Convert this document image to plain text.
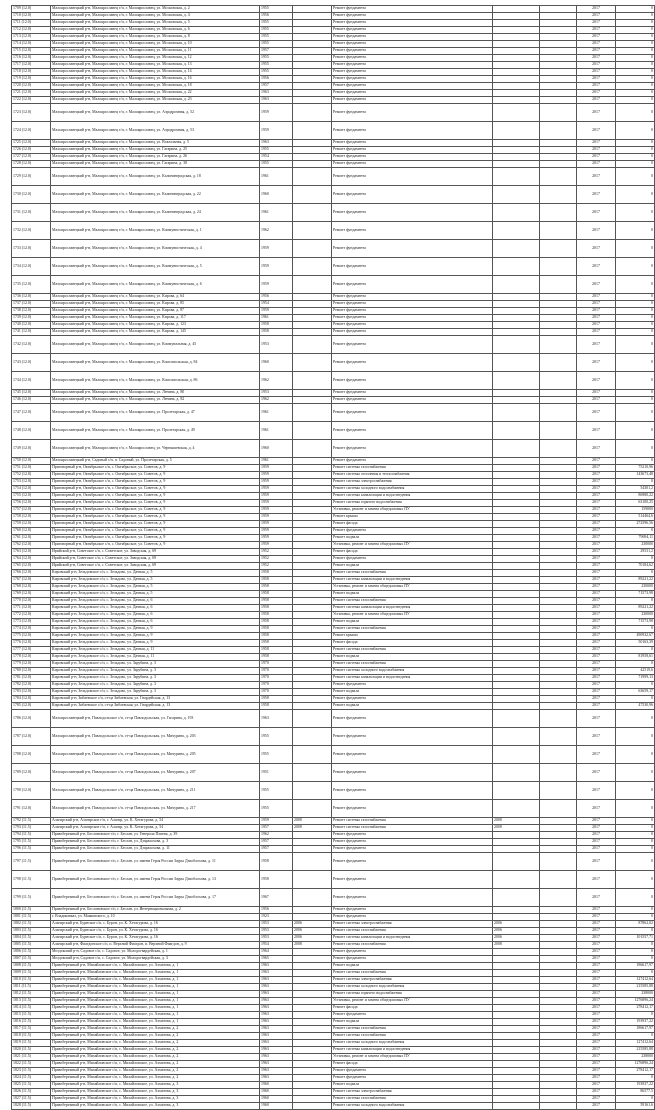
1709 (12.0)	Малоярославецкий р-н, Малоярославец г/п, г. Малоярославец, ул. Московская, д. 2	1955		Ремонт фундамента			2017	0
1710 (12.0)	Малоярославецкий р-н, Малоярославец г/п, г. Малоярославец, ул. Московская, д. 4	1956		Ремонт фундамента			2017	0
1711 (12.0)	Малоярославецкий р-н, Малоярославец г/п, г. Малоярославец, ул. Московская, д. 5	1955		Ремонт фундамента			2017	0
1712 (12.0)	Малоярославецкий р-н, Малоярославец г/п, г. Малоярославец, ул. Московская, д. 6	1955		Ремонт фундамента			2017	0
1713 (12.0)	Малоярославецкий р-н, Малоярославец г/п, г. Малоярославец, ул. Московская, д. 8	1955		Ремонт фундамента			2017	0
1714 (12.0)	Малоярославецкий р-н, Малоярославец г/п, г. Малоярославец, ул. Московская, д. 10	1955		Ремонт фундамента			2017	0
1715 (12.0)	Малоярославецкий р-н, Малоярославец г/п, г. Малоярославец, ул. Московская, д. 11	1957		Ремонт фундамента			2017	0
1716 (12.0)	Малоярославецкий р-н, Малоярославец г/п, г. Малоярославец, ул. Московская, д. 12	1955		Ремонт фундамента			2017	0
1717 (12.0)	Малоярославецкий р-н, Малоярославец г/п, г. Малоярославец, ул. Московская, д. 13	1955		Ремонт фундамента			2017	0
1718 (12.0)	Малоярославецкий р-н, Малоярославец г/п, г. Малоярославец, ул. Московская, д. 14	1955		Ремонт фундамента			2017	0
1719 (12.0)	Малоярославецкий р-н, Малоярославец г/п, г. Малоярославец, ул. Московская, д. 16	1956		Ремонт фундамента			2017	0
1720 (12.0)	Малоярославецкий р-н, Малоярославец г/п, г. Малоярославец, ул. Московская, д. 18	1957		Ремонт фундамента			2017	0
1721 (12.0)	Малоярославецкий р-н, Малоярославец г/п, г. Малоярославец, ул. Московская, д. 22	1963		Ремонт фундамента			2017	0
1722 (12.0)	Малоярославецкий р-н, Малоярославец г/п, г. Малоярославец, ул. Московская, д. 23	1963		Ремонт фундамента			2017	0
1723 (12.0)	Малоярославецкий р-н, Малоярославец г/п, г. Малоярославец, ул. Аэродромная, д. 52	1959		Ремонт фундамента			2017	0
1724 (12.0)	Малоярославецкий р-н, Малоярославец г/п, г. Малоярославец, ул. Аэродромная, д. 53	1959		Ремонт фундамента			2017	0
1725 (12.0)	Малоярославецкий р-н, Малоярославец г/п, г. Малоярославец, ул. Вокзальная, д. 5	1963		Ремонт фундамента			2017	0
1726 (12.0)	Малоярославецкий р-н, Малоярославец г/п, г. Малоярославец, ул. Гагарина, д. 25	1955		Ремонт фундамента			2017	0
1727 (12.0)	Малоярославецкий р-н, Малоярославец г/п, г. Малоярославец, ул. Гагарина, д. 26	1954		Ремонт фундамента			2017	0
1728 (12.0)	Малоярославецкий р-н, Малоярославец г/п, г. Малоярославец, ул. Гагарина, д. 38	1955		Ремонт фундамента			2017	0
1729 (12.0)	Малоярославецкий р-н, Малоярославец г/п, г. Малоярославец, ул. Калининградская, д. 18	1961		Ремонт фундамента			2017	0
1730 (12.0)	Малоярославецкий р-н, Малоярославец г/п, г. Малоярославец, ул. Калининградская, д. 22	1960		Ремонт фундамента			2017	0
1731 (12.0)	Малоярославецкий р-н, Малоярославец г/п, г. Малоярославец, ул. Калининградская, д. 24	1961		Ремонт фундамента			2017	0
1732 (12.0)	Малоярославецкий р-н, Малоярославец г/п, г. Малоярославец, ул. Коммунистическая, д. 1	1962		Ремонт фундамента			2017	0
1733 (12.0)	Малоярославецкий р-н, Малоярославец г/п, г. Малоярославец, ул. Коммунистическая, д. 4	1959		Ремонт фундамента			2017	0
1734 (12.0)	Малоярославецкий р-н, Малоярославец г/п, г. Малоярославец, ул. Коммунистическая, д. 5	1959		Ремонт фундамента			2017	0
1735 (12.0)	Малоярославецкий р-н, Малоярославец г/п, г. Малоярославец, ул. Коммунистическая, д. 6	1959		Ремонт фундамента			2017	0
1736 (12.0)	Малоярославецкий р-н, Малоярославец г/п, г. Малоярославец, ул. Кирова, д. 64	1956		Ремонт фундамента			2017	0
1737 (12.0)	Малоярославецкий р-н, Малоярославец г/п, г. Малоярославец, ул. Кирова, д. 85	1954		Ремонт фундамента			2017	0
1738 (12.0)	Малоярославецкий р-н, Малоярославец г/п, г. Малоярославец, ул. Кирова, д. 87	1959		Ремонт фундамента			2017	0
1739 (12.0)	Малоярославецкий р-н, Малоярославец г/п, г. Малоярославец, ул. Кирова, д. 117	1961		Ремонт фундамента			2017	0
1740 (12.0)	Малоярославецкий р-н, Малоярославец г/п, г. Малоярославец, ул. Кирова, д. 123	1958		Ремонт фундамента			2017	0
1741 (12.0)	Малоярославецкий р-н, Малоярославец г/п, г. Малоярославец, ул. Кирова, д. 145	1958		Ремонт фундамента			2017	0
1742 (12.0)	Малоярославецкий р-н, Малоярославец г/п, г. Малоярославец, ул. Коммунальная, д. 45	1953		Ремонт фундамента			2017	0
1743 (12.0)	Малоярославецкий р-н, Малоярославец г/п, г. Малоярославец, ул. Комсомольская, д. 84	1960		Ремонт фундамента			2017	0
1744 (12.0)	Малоярославецкий р-н, Малоярославец г/п, г. Малоярославец, ул. Комсомольская, д. 86	1962		Ремонт фундамента			2017	0
1745 (12.0)	Малоярославецкий р-н, Малоярославец г/п, г. Малоярославец, ул. Ленина, д. 80	1953		Ремонт фундамента			2017	0
1746 (12.0)	Малоярославецкий р-н, Малоярославец г/п, г. Малоярославец, ул. Ленина, д. 82	1962		Ремонт фундамента			2017	0
1747 (12.0)	Малоярославецкий р-н, Малоярославец г/п, г. Малоярославец, ул. Пролетарская, д. 47	1961		Ремонт фундамента			2017	0
1748 (12.0)	Малоярославецкий р-н, Малоярославец г/п, г. Малоярославец, ул. Пролетарская, д. 49	1961		Ремонт фундамента			2017	0
1749 (12.0)	Малоярославецкий р-н, Малоярославец г/п, г. Малоярославец, ул. Чернышевская, д. 4	1960		Ремонт фундамента			2017	0
1750 (12.0)	Малоярославецкий р-н, Садовый с/п, п. Садовый, ул. Пролетарская, д. 5	1961		Ремонт фундамента			2017	0
1751 (12.0)	Приговорный р-н, Октябрьское с/п, с. Октябрьское, ул. Советов, д. 9	1959		Ремонт системы газоснабжения			2017	75210,96
1752 (12.0)	Приговорный р-н, Октябрьское с/п, с. Октябрьское, ул. Советов, д. 9	1959		Ремонт системы отопления и теплоснабжения			2017	143673,48
1753 (12.0)	Приговорный р-н, Октябрьское с/п, с. Октябрьское, ул. Советов, д. 9	1959		Ремонт системы электроснабжения			2017	0
1754 (12.0)	Приговорный р-н, Октябрьское с/п, с. Октябрьское, ул. Советов, д. 9	1959		Ремонт системы холодного водоснабжения			2017	54301,2
1755 (12.0)	Приговорный р-н, Октябрьское с/п, с. Октябрьское, ул. Советов, д. 9	1959		Ремонт системы канализации и водоотведения			2017	86980,22
1756 (12.0)	Приговорный р-н, Октябрьское с/п, с. Октябрьское, ул. Советов, д. 9	1959		Ремонт системы горячего водоснабжения			2017	63100,25
1757 (12.0)	Приговорный р-н, Октябрьское с/п, с. Октябрьское, ул. Советов, д. 9	1959		Установка, ремонт и замена общедомовых ПУ			2017	159000
1758 (12.0)	Приговорный р-н, Октябрьское с/п, с. Октябрьское, ул. Советов, д. 9	1959		Ремонт крыши			2017	514464,6
1759 (12.0)	Приговорный р-н, Октябрьское с/п, с. Октябрьское, ул. Советов, д. 9	1959		Ремонт фасада			2017	272596,56
1760 (12.0)	Приговорный р-н, Октябрьское с/п, с. Октябрьское, ул. Советов, д. 9	1959		Ремонт фундамента			2017	0
1761 (12.0)	Приговорный р-н, Октябрьское с/п, с. Октябрьское, ул. Советов, д. 9	1959		Ремонт подвала			2017	79694,11
1762 (12.0)	Приговорный р-н, Октябрьское с/п, с. Октябрьское, ул. Советов, д. 9	1959		Установка, ремонт и замена общедомовых ПУ			2017	230000
1763 (12.0)	Ирийский р-н, Советское с/п, с. Советское, ул. Заводская, д. 69	1952		Ремонт фасада			2017	29531,2
1764 (12.0)	Ирийский р-н, Советское с/п, с. Советское, ул. Заводская, д. 69	1952		Ремонт фундамента			2017	0
1765 (12.0)	Ирийский р-н, Советское с/п, с. Советское, ул. Заводская, д. 69	1952		Ремонт подвала			2017	70184,62
1766 (12.0)	Кировский р-н, Зельдовское с/п, с. Зельдово, ул. Дачная, д. 5	1958		Ремонт системы газоснабжения			2017	0
1767 (12.0)	Кировский р-н, Зельдовское с/п, с. Зельдово, ул. Дачная, д. 5	1958		Ремонт системы канализации и водоотведения			2017	89221,22
1768 (12.0)	Кировский р-н, Зельдовское с/п, с. Зельдово, ул. Дачная, д. 5	1958		Установка, ремонт и замена общедомовых ПУ			2017	230000
1769 (12.0)	Кировский р-н, Зельдовское с/п, с. Зельдово, ул. Дачная, д. 5	1958		Ремонт подвала			2017	71573,98
1770 (12.0)	Кировский р-н, Зельдовское с/п, с. Зельдово, ул. Дачная, д. 6	1958		Ремонт системы газоснабжения			2017	0
1771 (12.0)	Кировский р-н, Зельдовское с/п, с. Зельдово, ул. Дачная, д. 6	1958		Ремонт системы канализации и водоотведения			2017	89221,22
1772 (12.0)	Кировский р-н, Зельдовское с/п, с. Зельдово, ул. Дачная, д. 6	1958		Установка, ремонт и замена общедомовых ПУ			2017	230000
1773 (12.0)	Кировский р-н, Зельдовское с/п, с. Зельдово, ул. Дачная, д. 6	1958		Ремонт подвала			2017	71573,98
1774 (12.0)	Кировский р-н, Зельдовское с/п, с. Зельдово, ул. Дачная, д. 9	1958		Ремонт системы газоснабжения			2017	0
1775 (12.0)	Кировский р-н, Зельдовское с/п, с. Зельдово, ул. Дачная, д. 9	1958		Ремонт крыши			2017	490932,67
1776 (12.0)	Кировский р-н, Зельдовское с/п, с. Зельдово, ул. Дачная, д. 9	1958		Ремонт фасада			2017	50163,39
1777 (12.0)	Кировский р-н, Зельдовское с/п, с. Зельдово, ул. Дачная, д. 11	1958		Ремонт системы газоснабжения			2017	0
1778 (12.0)	Кировский р-н, Зельдовское с/п, с. Зельдово, ул. Дачная, д. 11	1958		Ремонт подвала			2017	81958,61
1779 (12.0)	Кировский р-н, Зельдовское с/п, с. Зельдово, ул. Зарубина, д. 3	1970		Ремонт системы газоснабжения			2017	0
1780 (12.0)	Кировский р-н, Зельдовское с/п, с. Зельдово, ул. Зарубина, д. 3	1970		Ремонт системы холодного водоснабжения			2017	42519,6
1781 (12.0)	Кировский р-н, Зельдовское с/п, с. Зельдово, ул. Зарубина, д. 3	1970		Ремонт системы канализации и водоотведения			2017	71999,13
1782 (12.0)	Кировский р-н, Зельдовское с/п, с. Зельдово, ул. Зарубина, д. 3	1970		Ремонт фундамента			2017	0
1783 (12.0)	Кировский р-н, Зельдовское с/п, с. Зельдово, ул. Зарубина, д. 3	1970		Ремонт подвала			2017	63659,17
1784 (12.0)	Кировский р-н, Зибаевское с/п, ст-ца Зибаевская, ул. Гвардейская, д. 13	1958		Ремонт фундамента			2017	0
1785 (12.0)	Кировский р-н, Зибаевское с/п, ст-ца Зибаевская, ул. Гвардейская, д. 13	1958		Ремонт подвала			2017	47530,96
1786 (12.0)	Малоярославецкий р-н, Павлодольское с/п, ст-ца Павлодольская, ул. Гагарина, д. 193	1963		Ремонт фундамента			2017	0
1787 (12.0)	Малоярославецкий р-н, Павлодольское с/п, ст-ца Павлодольская, ул. Мичурина, д. 203	1955		Ремонт фундамента			2017	0
1788 (12.0)	Малоярославецкий р-н, Павлодольское с/п, ст-ца Павлодольская, ул. Мичурина, д. 205	1955		Ремонт фундамента			2017	0
1789 (12.0)	Малоярославецкий р-н, Павлодольское с/п, ст-ца Павлодольская, ул. Мичурина, д. 207	1951		Ремонт фундамента			2017	0
1790 (12.0)	Малоярославецкий р-н, Павлодольское с/п, ст-ца Павлодольская, ул. Мичурина, д. 211	1955		Ремонт фундамента			2017	0
1791 (12.0)	Малоярославецкий р-н, Павлодольское с/п, ст-ца Павлодольская, ул. Мичурина, д. 217	1955		Ремонт фундамента			2017	0
1792 (11.5)	Алагирский р-н, Алагирское г/п, г. Алагир, ул. К. Хетагурова, д. 54	1959	2008	Ремонт системы газоснабжения	2008		2017	0
1793 (11.5)	Алагирский р-н, Алагирское г/п, г. Алагир, ул. К. Хетагурова, д. 54	1957	2008	Ремонт системы газоснабжения	2008		2017	0
1794 (11.5)	Правобережный р-н, Беслановское г/п, г. Беслан, ул. Генерала Плиева, д. 39	1962		Ремонт фундамента			2017	0
1795 (11.5)	Правобережный р-н, Беслановское г/п, г. Беслан, ул. Дзарахохова, д. 3	1957		Ремонт фундамента			2017	0
1796 (11.5)	Правобережный р-н, Беслановское г/п, г. Беслан, ул. Дзарахохова, д. 11	1957		Ремонт фундамента			2017	0
1797 (11.5)	Правобережный р-н, Беслановское г/п, г. Беслан, ул. имени Героя России Зауры Дзиоблохова, д. 11	1958		Ремонт фундамента			2017	0
1798 (11.5)	Правобережный р-н, Беслановское г/п, г. Беслан, ул. имени Героя России Зауры Дзиоблохова, д. 13	1958		Ремонт фундамента			2017	0
1799 (11.5)	Правобережный р-н, Беслановское г/п, г. Беслан, ул. имени Героя России Зауры Дзиоблохова, д. 17	1967		Ремонт фундамента			2017	0
1800 (11.5)	Правобережный р-н, Беслановское г/п, г. Беслан, ул. Интернациональная, д. 2	1956		Ремонт фундамента			2017	0
1801 (11.5)	г. Владикавказ, ул. Маяковского, д. 10	1923		Ремонт фундамента			2017	0
1802 (11.5)	Алагирский р-н, Бурнское с/п, с. Бурон, ул. К. Хетагурова, д. 16	1953	2006	Ремонт системы электроснабжения	2006		2017	87862,02
1803 (11.5)	Алагирский р-н, Бурнское с/п, с. Бурон, ул. К. Хетагурова, д. 16	1953	2006	Ремонт системы газоснабжения	2006		2017	0
1804 (11.5)	Алагирский р-н, Бурнское с/п, с. Бурон, ул. К. Хетагурова, д. 16	1953	2006	Ремонт системы канализации и водоотведения	2006		2017	101557,71
1805 (11.5)	Алагирский р-н, Фиагдонское с/п, п. Верхний Фиагдон, п. Верхний Фиагдон, д. 9	1954	2008	Ремонт системы газоснабжения	2008		2017	0
1806 (11.5)	Моздокский р-н, Садовое с/п, с. Садовое, ул. Молодогвардейская, д. 1	1964		Ремонт фундамента			2017	0
1807 (11.5)	Моздокский р-н, Садовое с/п, с. Садовое, ул. Молодогвардейская, д. 3	1965		Ремонт фундамента			2017	0
1808 (11.5)	Правобережный р-н, Михайловское с/п, с. Михайловское, ул. Ахматова, д. 1	1963		Ремонт подвала			2017	186617,97
1809 (11.5)	Правобережный р-н, Михайловское с/п, с. Михайловское, ул. Ахматова, д. 1	1963		Ремонт системы газоснабжения			2017	0
1810 (11.5)	Правобережный р-н, Михайловское с/п, с. Михайловское, ул. Ахматова, д. 1	1963		Ремонт системы электроснабжения			2017	127412,64
1811 (11.5)	Правобережный р-н, Михайловское с/п, с. Михайловское, ул. Ахматова, д. 1	1963		Ремонт системы холодного водоснабжения			2017	215585,88
1812 (11.5)	Правобережный р-н, Михайловское с/п, с. Михайловское, ул. Ахматова, д. 1	1963		Ремонт системы горячего водоснабжения			2017	238000
1813 (11.5)	Правобережный р-н, Михайловское с/п, с. Михайловское, ул. Ахматова, д. 1	1963		Установка, ремонт и замена общедомовых ПУ			2017	1276896,24
1814 (11.5)	Правобережный р-н, Михайловское с/п, с. Михайловское, ул. Ахматова, д. 1	1963		Ремонт фасада			2017	278412,17
1815 (11.5)	Правобережный р-н, Михайловское с/п, с. Михайловское, ул. Ахматова, д. 1	1963		Ремонт фундамента			2017	0
1816 (11.5)	Правобережный р-н, Михайловское с/п, с. Михайловское, ул. Ахматова, д. 1	1963		Ремонт подвала			2017	193937,22
1817 (11.5)	Правобережный р-н, Михайловское с/п, с. Михайловское, ул. Ахматова, д. 2	1963		Ремонт системы газоснабжения			2017	186617,97
1818 (11.5)	Правобережный р-н, Михайловское с/п, с. Михайловское, ул. Ахматова, д. 2	1963		Ремонт системы газоснабжения			2017	0
1819 (11.5)	Правобережный р-н, Михайловское с/п, с. Михайловское, ул. Ахматова, д. 2	1963		Ремонт системы холодного водоснабжения			2017	127412,64
1820 (11.5)	Правобережный р-н, Михайловское с/п, с. Михайловское, ул. Ахматова, д. 2	1963		Ремонт системы канализации и водоотведения			2017	215585,88
1821 (11.5)	Правобережный р-н, Михайловское с/п, с. Михайловское, ул. Ахматова, д. 2	1963		Установка, ремонт и замена общедомовых ПУ			2017	238000
1822 (11.5)	Правобережный р-н, Михайловское с/п, с. Михайловское, ул. Ахматова, д. 2	1963		Ремонт фасада			2017	1276896,24
1823 (11.5)	Правобережный р-н, Михайловское с/п, с. Михайловское, ул. Ахматова, д. 2	1963		Ремонт фундамента			2017	278412,17
1824 (11.5)	Правобережный р-н, Михайловское с/п, с. Михайловское, ул. Ахматова, д. 2	1963		Ремонт фундамента			2017	0
1825 (11.5)	Правобережный р-н, Михайловское с/п, с. Михайловское, ул. Ахматова, д. 3	1960		Ремонт подвала			2017	193937,22
1826 (11.5)	Правобережный р-н, Михайловское с/п, с. Михайловское, ул. Ахматова, д. 3	1960		Ремонт системы электроснабжения			2017	86577,5
1827 (11.5)	Правобережный р-н, Михайловское с/п, с. Михайловское, ул. Ахматова, д. 3	1960		Ремонт системы газоснабжения			2017	0
1828 (11.5)	Правобережный р-н, Михайловское с/п, с. Михайловское, ул. Ахматова, д. 3	1960		Ремонт системы холодного водоснабжения			2017	59161,6
